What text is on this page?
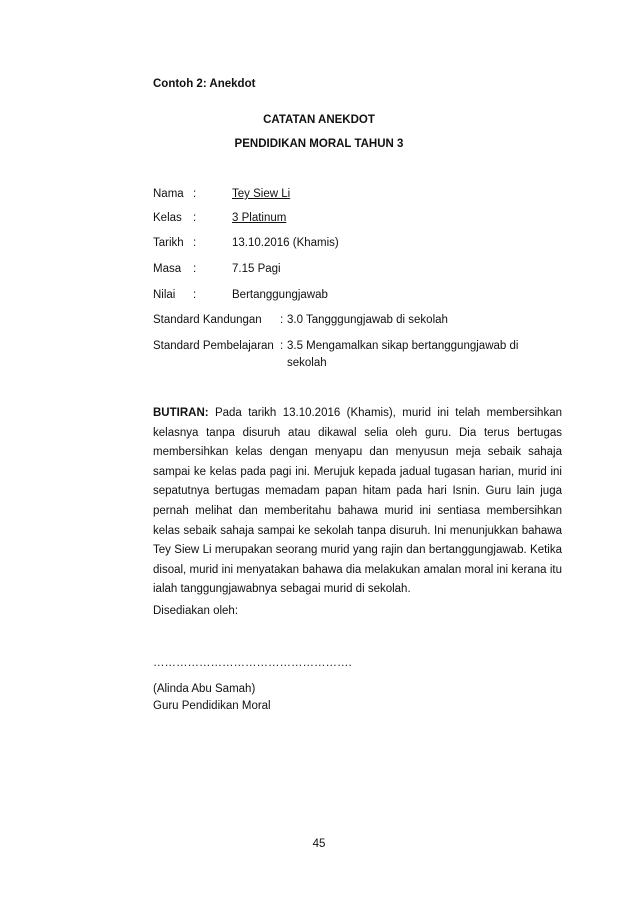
Contoh 2: Anekdot
CATATAN ANEKDOT
PENDIDIKAN MORAL TAHUN 3
Nama :	Tey Siew Li
Kelas :	3 Platinum
Tarikh :	13.10.2016 (Khamis)
Masa :	7.15 Pagi
Nilai :	Bertanggungjawab
Standard Kandungan : 3.0 Tangggungjawab di sekolah
Standard Pembelajaran : 3.5 Mengamalkan sikap bertanggungjawab di
sekolah

BUTIRAN: Pada tarikh 13.10.2016 (Khamis), murid ini telah membersihkan kelasnya tanpa disuruh atau dikawal selia oleh guru. Dia terus bertugas membersihkan kelas dengan menyapu dan menyusun meja sebaik sahaja sampai ke kelas pada pagi ini. Merujuk kepada jadual tugasan harian, murid ini sepatutnya bertugas memadam papan hitam pada hari Isnin. Guru lain juga pernah melihat dan memberitahu bahawa murid ini sentiasa membersihkan kelas sebaik sahaja sampai ke sekolah tanpa disuruh. Ini menunjukkan bahawa Tey Siew Li merupakan seorang murid yang rajin dan bertanggungjawab. Ketika disoal, murid ini menyatakan bahawa dia melakukan amalan moral ini kerana itu ialah tanggungjawabnya sebagai murid di sekolah.

Disediakan oleh:
…………………………………………….
(Alinda Abu Samah)
Guru Pendidikan Moral
45
